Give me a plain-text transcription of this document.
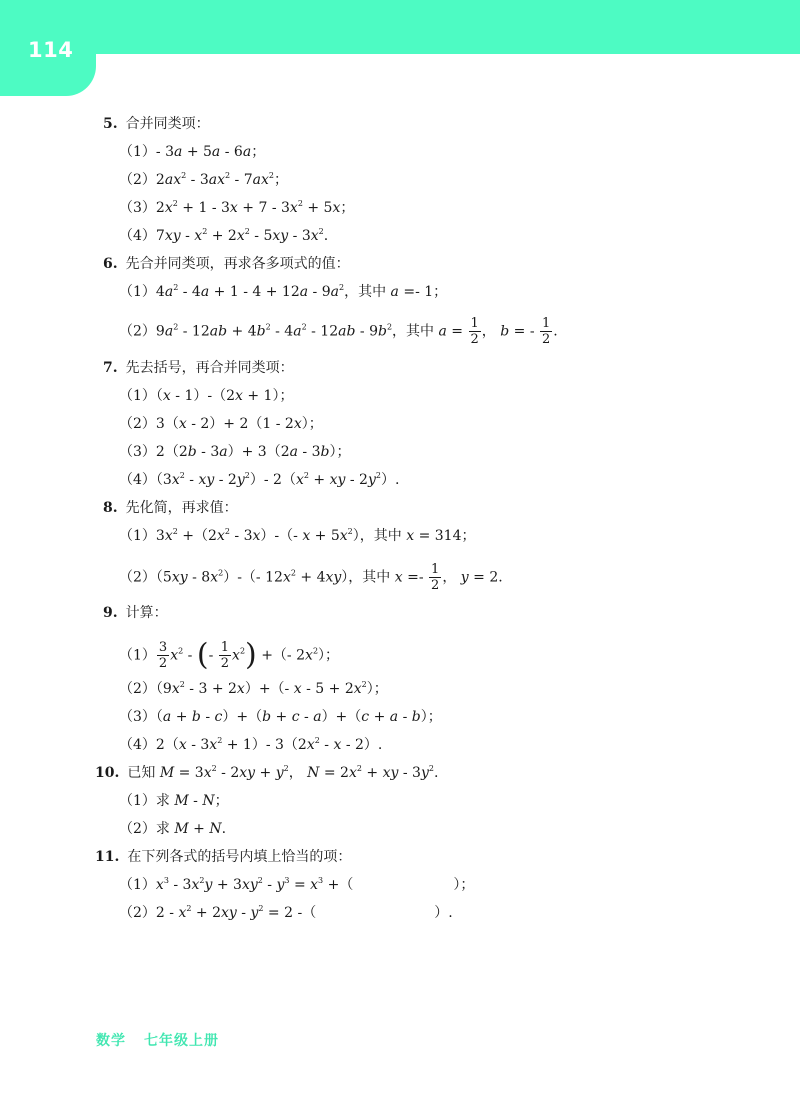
114
5. 合并同类项：
（1）- 3a + 5a - 6a；
$(2)2ax^2 - 3ax^2 - 7ax^2$；
$(3)2x^2 + 1 - 3x + 7 - 3x^2 + 5x$；
$(4)7xy - x^2 + 2x^2 - 5xy - 3x^2$.
6. 先合并同类项，再求各多项式的值：
$(1)4a^2 - 4a + 1 - 4 + 12a - 9a^2$，其中 a =- 1；
$(2)9a^2 - 12ab + 4b^2 - 4a^2 - 12ab - 9b^2$，其中 $a = \frac{1}{2}$ ， b = - $\frac{1}{2}$ .
7. 先去括号，再合并同类项：
（1）（x - 1）-（2x + 1）；
（2）3（x - 2）+ 2（1 - 2x）；
（3）2（2b - 3a）+ 3（2a - 3b）；
$(4)(3x^2$ - xy - $2y^2)-$ $2(x^2$ + xy - $2y^2$）.
8. 先化简，再求值：
$(1)3x^2 +(2x^2 - 3x)-(-$ $x + 5x^2$），其中 x = 314；
$(2)(5xy - 8x^2)-(-$ $12x^2 + 4xy$），其中 $x =- \frac{1}{2}$ ， y = 2.
9. 计算：
$(1) \frac{3}{2} x^2$ - (- $\frac{1}{2} x^2$) +（- $2x^2$）；
$(2)(9x^2 - 3 + 2x)+(-$ $x - 5 + 2x^2$）；
（3）（a + b - c）+（b + c - a）+（c + a - b）；
$(4)2(x - 3x^2 + 1)-$ $3(2x^2$ - x - 2）.
10. 已知 $M = 3x^2 - 2xy + y^2$， $N = 2x^2$ + xy - $3y^2$.
（1）求 M - N；
（2）求 M + N.
11. 在下列各式的括号内填上恰当的项：
$(1)x^3 - 3x^2y + 3xy^2 - y^3 = x^3$ +（	）；
$(2)2 - x^2 + 2xy - y^2 = 2$ -（	）.
数学 七年级上册
